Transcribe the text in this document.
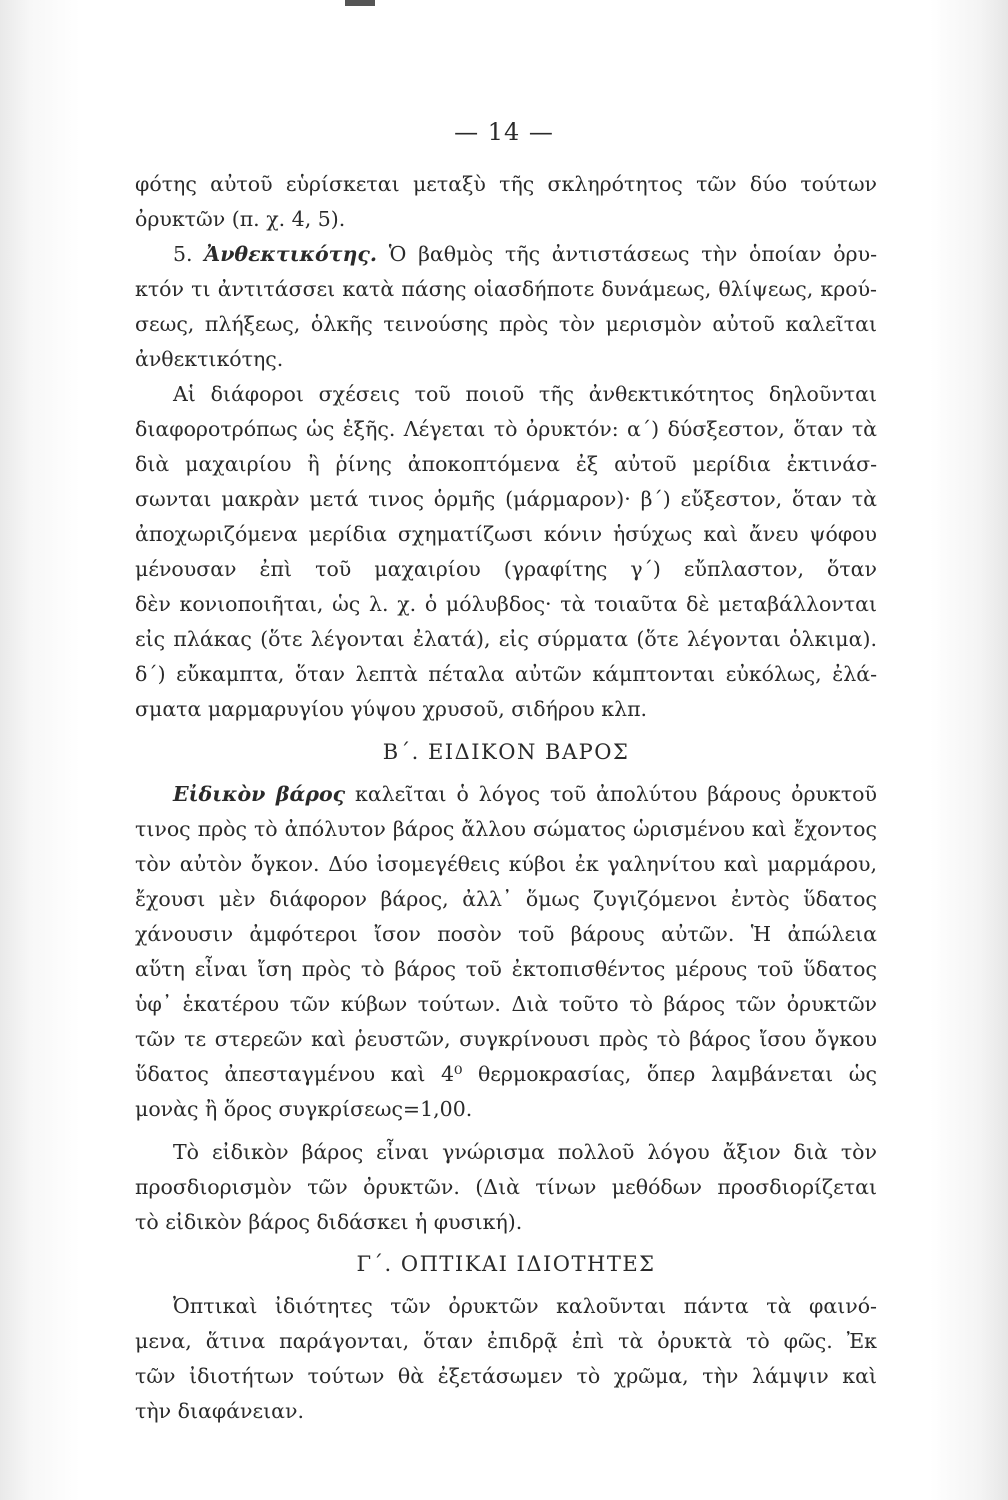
— 14 —
φότης αὐτοῦ εὑρίσκεται μεταξὺ τῆς σκληρότητος τῶν δύο τούτων
ὀρυκτῶν (π. χ. 4, 5).
5. Ἀνθεκτικότης. Ὁ βαθμὸς τῆς ἀντιστάσεως τὴν ὁποίαν ὀρυ-
κτόν τι ἀντιτάσσει κατὰ πάσης οἱασδήποτε δυνάμεως, θλίψεως, κρού-
σεως, πλήξεως, ὁλκῆς τεινούσης πρὸς τὸν μερισμὸν αὐτοῦ καλεῖται
ἀνθεκτικότης.
Αἱ διάφοροι σχέσεις τοῦ ποιοῦ τῆς ἀνθεκτικότητος δηλοῦνται
διαφοροτρόπως ὡς ἑξῆς. Λέγεται τὸ ὀρυκτόν: α΄) δύσξεστον, ὅταν τὰ
διὰ μαχαιρίου ἢ ῥίνης ἀποκοπτόμενα ἐξ αὐτοῦ μερίδια ἐκτινάσ-
σωνται μακρὰν μετά τινος ὁρμῆς (μάρμαρον)· β΄) εὔξεστον, ὅταν τὰ
ἀποχωριζόμενα μερίδια σχηματίζωσι κόνιν ἡσύχως καὶ ἄνευ ψόφου
μένουσαν ἐπὶ τοῦ μαχαιρίου (γραφίτης γ΄) εὔπλαστον, ὅταν
δὲν κονιοποιῆται, ὡς λ. χ. ὁ μόλυβδος· τὰ τοιαῦτα δὲ μεταβάλλονται
εἰς πλάκας (ὅτε λέγονται ἐλατά), εἰς σύρματα (ὅτε λέγονται ὁλκιμα).
δ΄) εὔκαμπτα, ὅταν λεπτὰ πέταλα αὐτῶν κάμπτονται εὐκόλως, ἐλά-
σματα μαρμαρυγίου γύψου χρυσοῦ, σιδήρου κλπ.
Β΄. ΕΙΔΙΚΟΝ ΒΑΡΟΣ
Εἰδικὸν βάρος καλεῖται ὁ λόγος τοῦ ἀπολύτου βάρους ὀρυκτοῦ
τινος πρὸς τὸ ἀπόλυτον βάρος ἄλλου σώματος ὡρισμένου καὶ ἔχοντος
τὸν αὐτὸν ὄγκον. Δύο ἰσομεγέθεις κύβοι ἐκ γαληνίτου καὶ μαρμάρου,
ἔχουσι μὲν διάφορον βάρος, ἀλλ᾽ ὅμως ζυγιζόμενοι ἐντὸς ὕδατος
χάνουσιν ἀμφότεροι ἴσον ποσὸν τοῦ βάρους αὐτῶν. Ἡ ἀπώλεια
αὕτη εἶναι ἴση πρὸς τὸ βάρος τοῦ ἐκτοπισθέντος μέρους τοῦ ὕδατος
ὑφ᾽ ἑκατέρου τῶν κύβων τούτων. Διὰ τοῦτο τὸ βάρος τῶν ὀρυκτῶν
τῶν τε στερεῶν καὶ ῥευστῶν, συγκρίνουσι πρὸς τὸ βάρος ἴσου ὄγκου
ὕδατος ἀπεσταγμένου καὶ 4⁰ θερμοκρασίας, ὅπερ λαμβάνεται ὡς
μονὰς ἢ ὅρος συγκρίσεως=1,00.
Τὸ εἰδικὸν βάρος εἶναι γνώρισμα πολλοῦ λόγου ἄξιον διὰ τὸν
προσδιορισμὸν τῶν ὀρυκτῶν. (Διὰ τίνων μεθόδων προσδιορίζεται
τὸ εἰδικὸν βάρος διδάσκει ἡ φυσική).
Γ΄. ΟΠΤΙΚΑΙ ΙΔΙΟΤΗΤΕΣ
Ὀπτικαὶ ἰδιότητες τῶν ὀρυκτῶν καλοῦνται πάντα τὰ φαινό-
μενα, ἅτινα παράγονται, ὅταν ἐπιδρᾷ ἐπὶ τὰ ὀρυκτὰ τὸ φῶς. Ἐκ
τῶν ἰδιοτήτων τούτων θὰ ἐξετάσωμεν τὸ χρῶμα, τὴν λάμψιν καὶ
τὴν διαφάνειαν.
